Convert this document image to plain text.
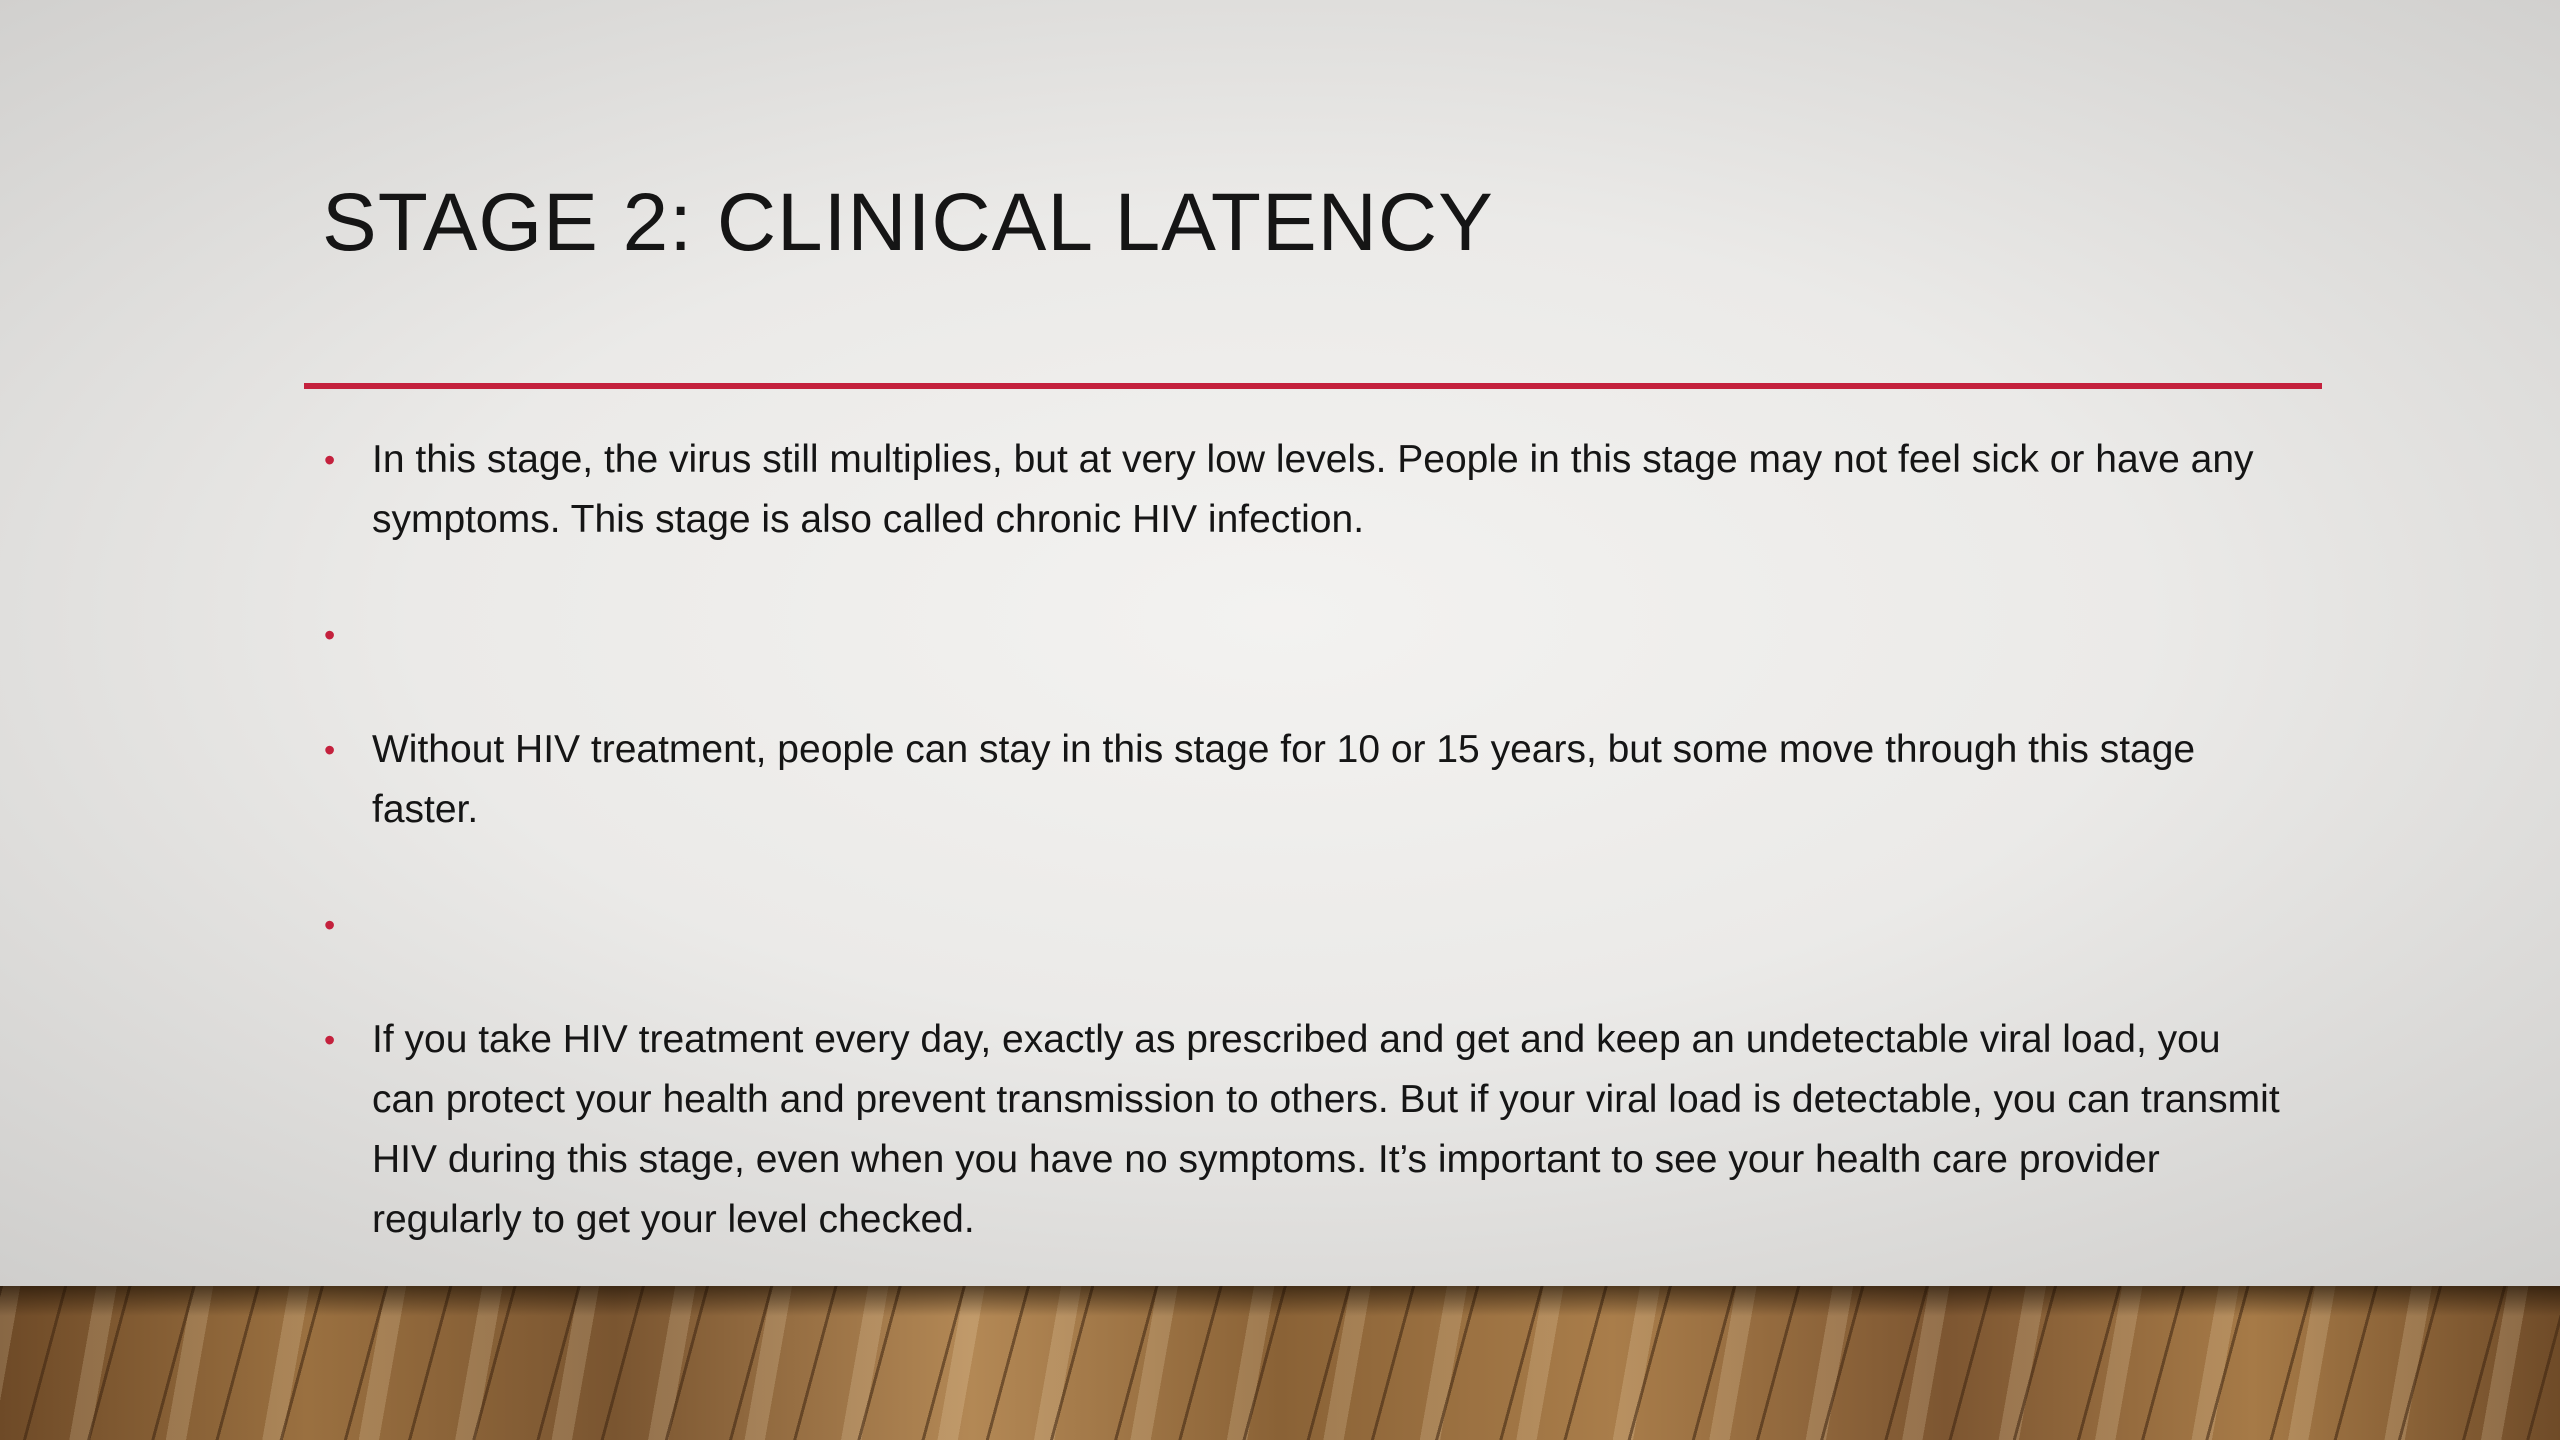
STAGE 2: CLINICAL LATENCY
• In this stage, the virus still multiplies, but at very low levels. People in this stage may not feel sick or have any symptoms. This stage is also called chronic HIV infection.
•
• Without HIV treatment, people can stay in this stage for 10 or 15 years, but some move through this stage faster.
•
• If you take HIV treatment every day, exactly as prescribed and get and keep an undetectable viral load, you can protect your health and prevent transmission to others. But if your viral load is detectable, you can transmit HIV during this stage, even when you have no symptoms. It’s important to see your health care provider regularly to get your level checked.
